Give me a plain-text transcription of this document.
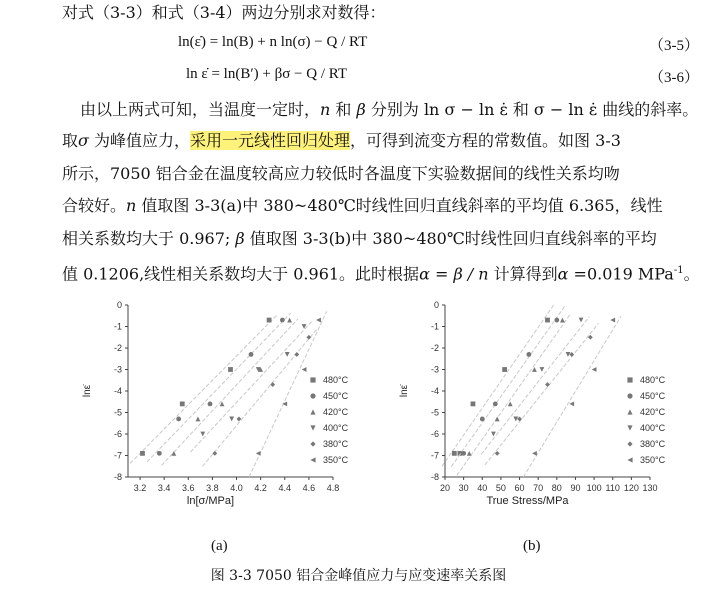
对式（3-3）和式（3-4）两边分别求对数得：
ln(ε̇) = ln(B) + n ln(σ) − Q / RT	（3-5）
ln ε̇ = ln(B′) + βσ − Q / RT	（3-6）
由以上两式可知，当温度一定时，n 和 β 分别为 ln σ − ln ε̇ 和 σ − ln ε̇ 曲线的斜率。
取σ 为峰值应力，采用一元线性回归处理，可得到流变方程的常数值。如图 3-3
所示，7050 铝合金在温度较高应力较低时各温度下实验数据间的线性关系均吻
合较好。n 值取图 3-3(a)中 380~480℃时线性回归直线斜率的平均值 6.365，线性
相关系数均大于 0.967; β 值取图 3-3(b)中 380~480℃时线性回归直线斜率的平均
值 0.1206,线性相关系数均大于 0.961。此时根据α = β / n 计算得到α =0.019 MPa$^{-1}$。
0
-1
-2
-3
-4
-5
-6
-7
-8
3.2 3.4 3.6 3.8 4.0 4.2 4.4 4.6 4.8
ln[σ/MPa]
lnε̇
480°C
450°C
420°C
400°C
380°C
350°C
0
-1
-2
-3
-4
-5
-6
-7
-8
20 30 40 50 60 70 80 90 100 110 120 130
True Stress/MPa
lnε̇
480°C
450°C
420°C
400°C
380°C
350°C
(a)	(b)
图 3-3 7050 铝合金峰值应力与应变速率关系图
